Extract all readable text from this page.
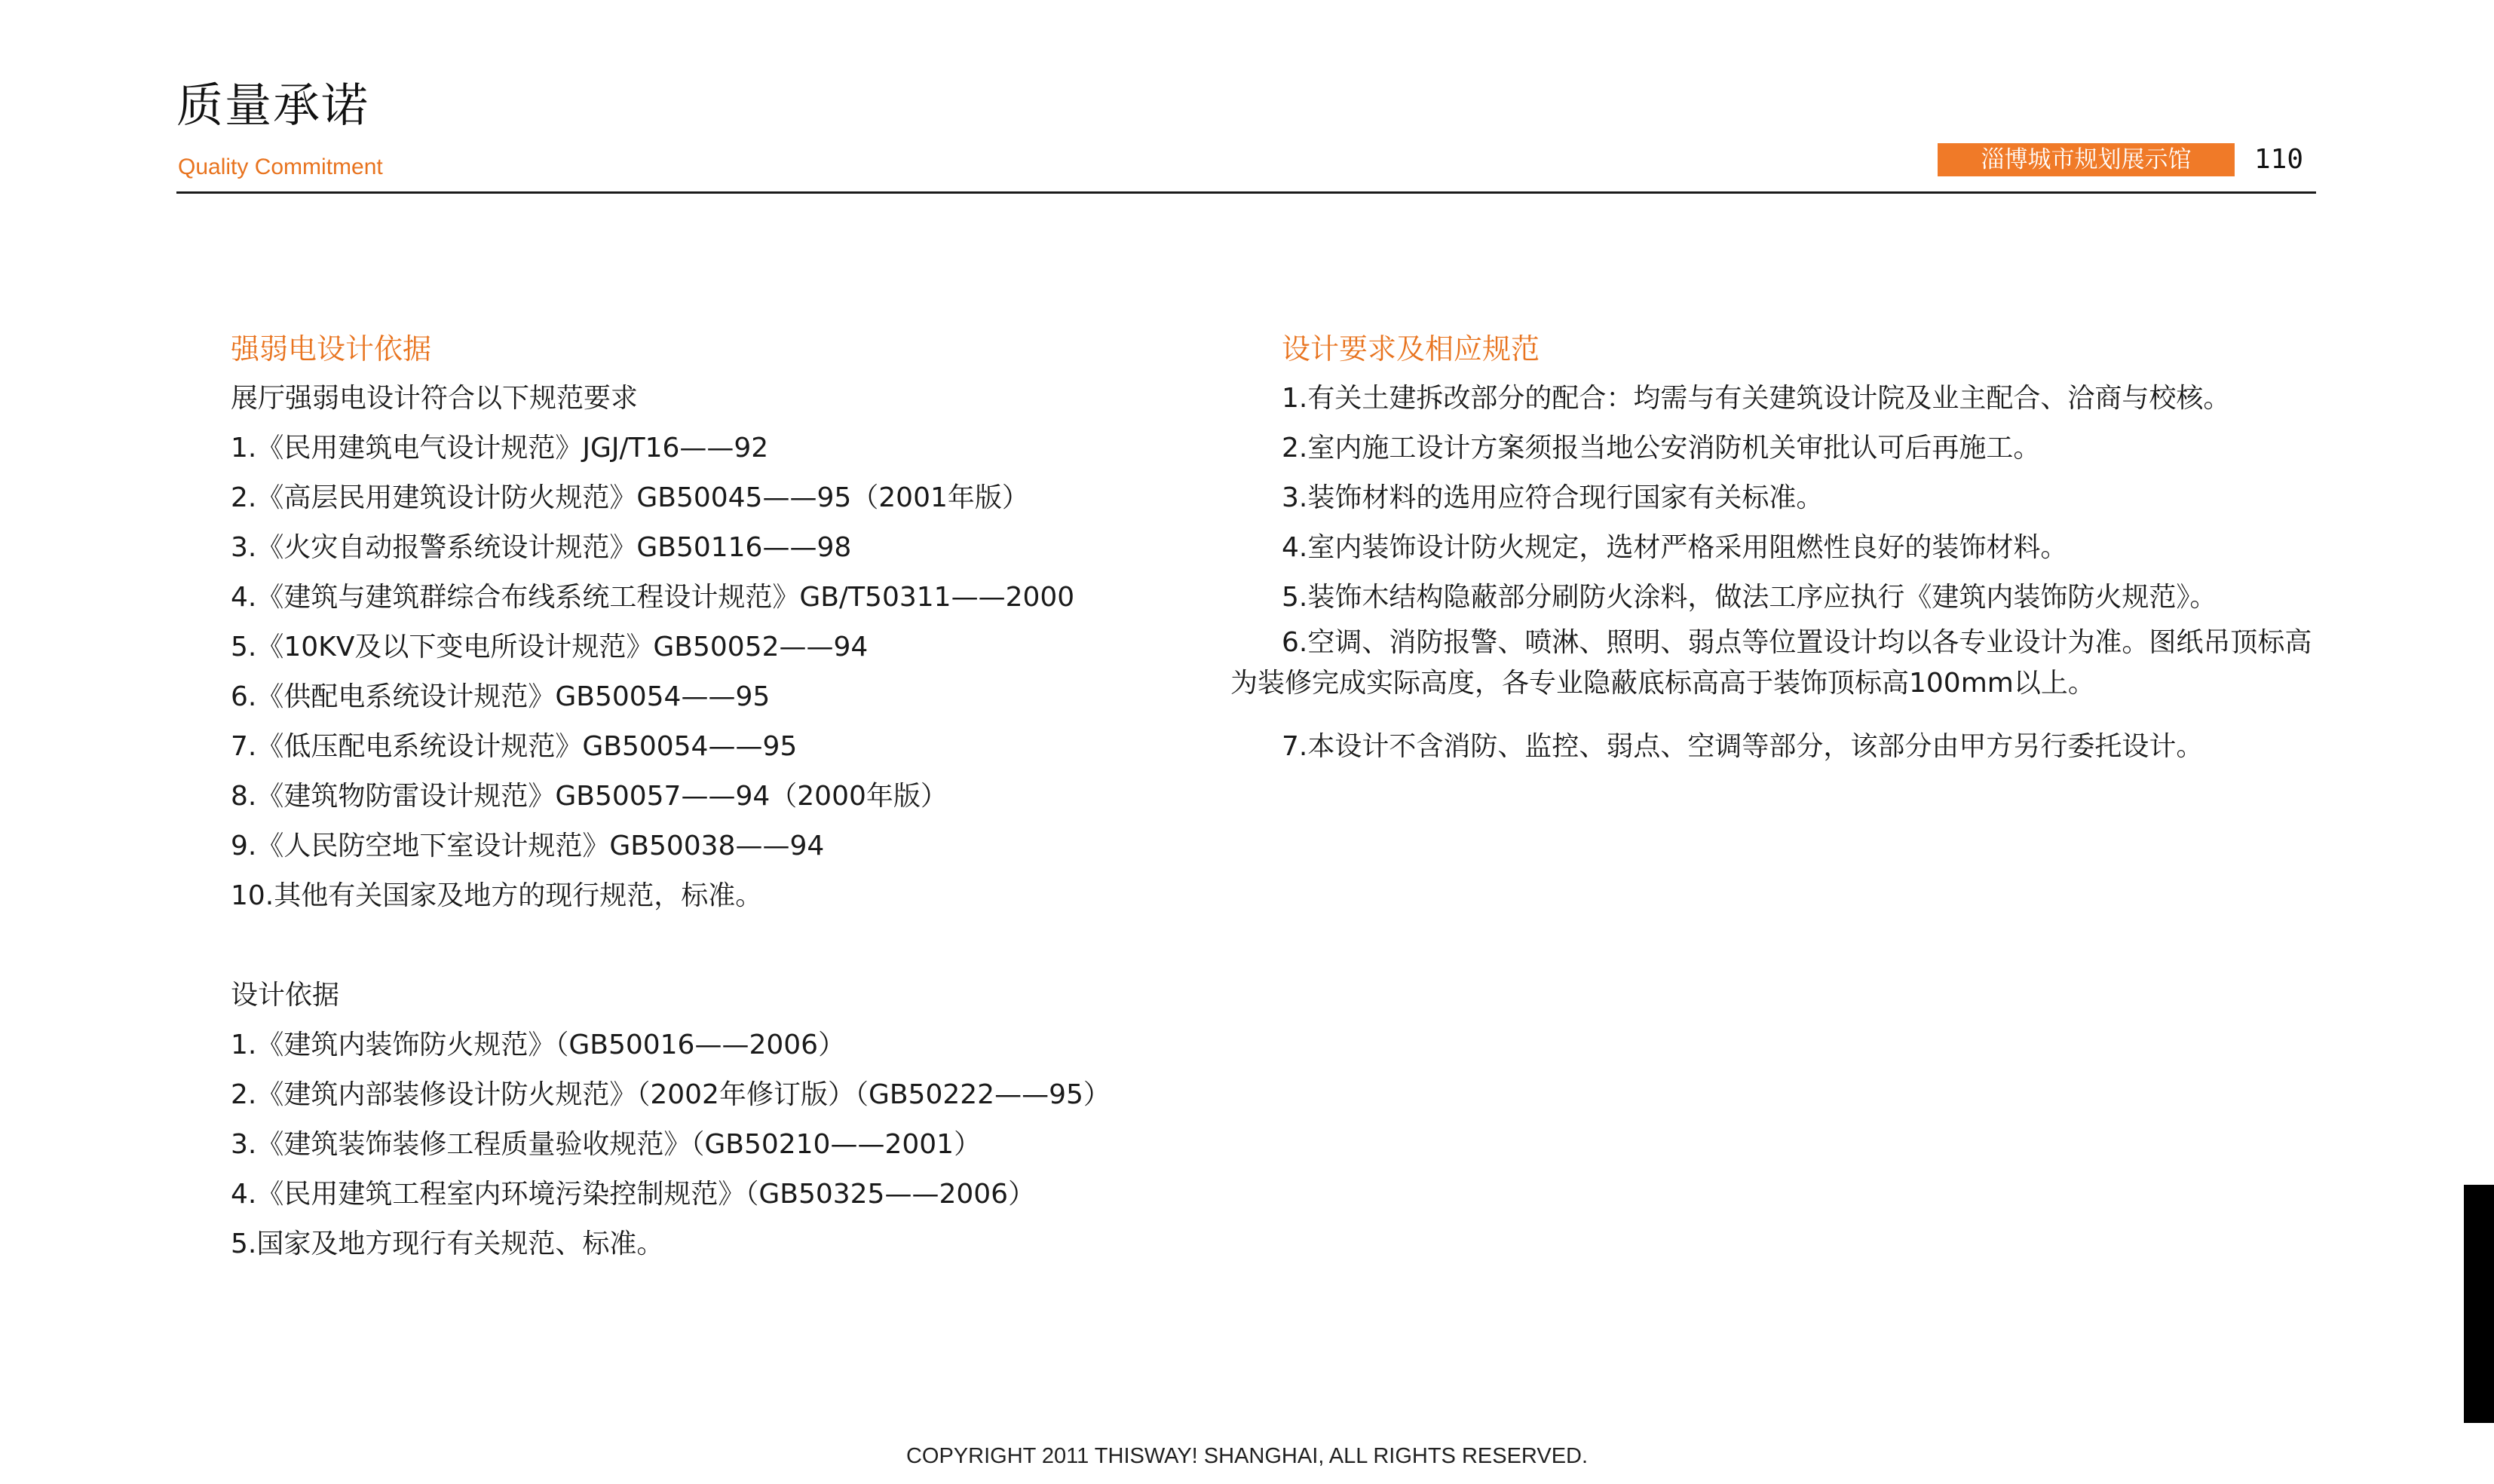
质量承诺
Quality Commitment	淄博城市规划展示馆	110
强弱电设计依据
展厅强弱电设计符合以下规范要求
1.《民用建筑电气设计规范》JGJ/T16——92
2.《高层民用建筑设计防火规范》GB50045——95（2001年版）
3.《火灾自动报警系统设计规范》GB50116——98
4.《建筑与建筑群综合布线系统工程设计规范》GB/T50311——2000
5.《10KV及以下变电所设计规范》GB50052——94
6.《供配电系统设计规范》GB50054——95
7.《低压配电系统设计规范》GB50054——95
8.《建筑物防雷设计规范》GB50057——94（2000年版）
9.《人民防空地下室设计规范》GB50038——94
10.其他有关国家及地方的现行规范，标准。
设计依据
1.《建筑内装饰防火规范》（GB50016——2006）
2.《建筑内部装修设计防火规范》（2002年修订版）（GB50222——95）
3.《建筑装饰装修工程质量验收规范》（GB50210——2001）
4.《民用建筑工程室内环境污染控制规范》（GB50325——2006）
5.国家及地方现行有关规范、标准。
设计要求及相应规范
1.有关土建拆改部分的配合：均需与有关建筑设计院及业主配合、洽商与校核。
2.室内施工设计方案须报当地公安消防机关审批认可后再施工。
3.装饰材料的选用应符合现行国家有关标准。
4.室内装饰设计防火规定，选材严格采用阻燃性良好的装饰材料。
5.装饰木结构隐蔽部分刷防火涂料，做法工序应执行《建筑内装饰防火规范》。
6.空调、消防报警、喷淋、照明、弱点等位置设计均以各专业设计为准。图纸吊顶标高为装修完成实际高度，各专业隐蔽底标高高于装饰顶标高100mm以上。
7.本设计不含消防、监控、弱点、空调等部分，该部分由甲方另行委托设计。
COPYRIGHT 2011 THISWAY! SHANGHAI, ALL RIGHTS RESERVED.
